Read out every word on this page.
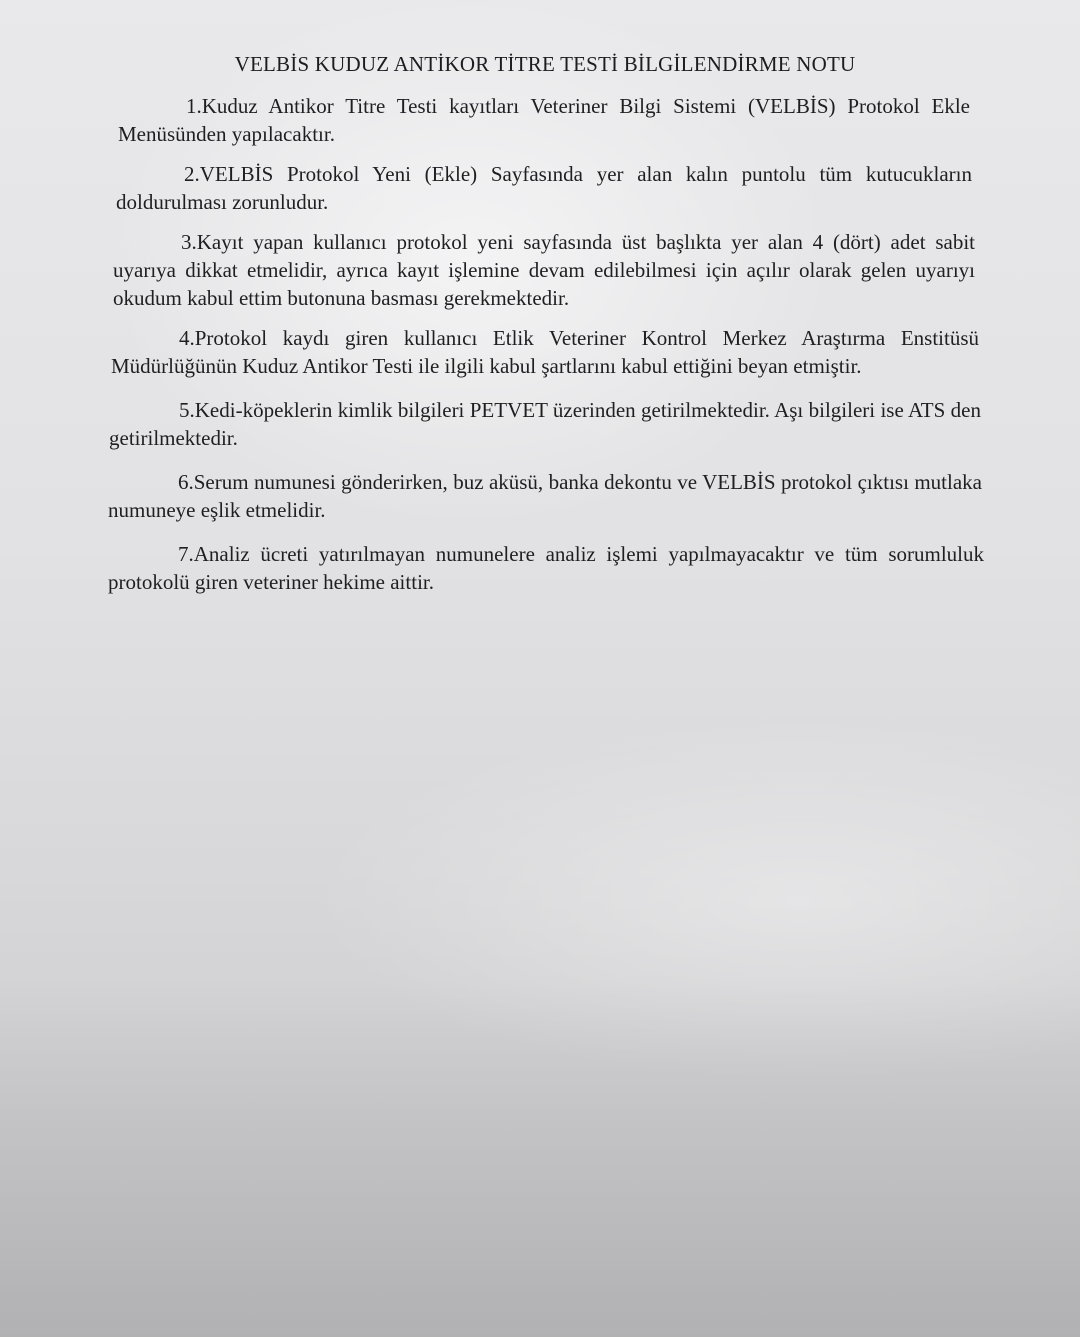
VELBİS KUDUZ ANTİKOR TİTRE TESTİ BİLGİLENDİRME NOTU

1.Kuduz Antikor Titre Testi kayıtları Veteriner Bilgi Sistemi (VELBİS) Protokol Ekle Menüsünden yapılacaktır.

2.VELBİS Protokol Yeni (Ekle) Sayfasında yer alan kalın puntolu tüm kutucukların doldurulması zorunludur.

3.Kayıt yapan kullanıcı protokol yeni sayfasında üst başlıkta yer alan 4 (dört) adet sabit uyarıya dikkat etmelidir, ayrıca kayıt işlemine devam edilebilmesi için açılır olarak gelen uyarıyı okudum kabul ettim butonuna basması gerekmektedir.

4.Protokol kaydı giren kullanıcı Etlik Veteriner Kontrol Merkez Araştırma Enstitüsü Müdürlüğünün Kuduz Antikor Testi ile ilgili kabul şartlarını kabul ettiğini beyan etmiştir.

5.Kedi-köpeklerin kimlik bilgileri PETVET üzerinden getirilmektedir. Aşı bilgileri ise ATS den getirilmektedir.

6.Serum numunesi gönderirken, buz aküsü, banka dekontu ve VELBİS protokol çıktısı mutlaka numuneye eşlik etmelidir.

7.Analiz ücreti yatırılmayan numunelere analiz işlemi yapılmayacaktır ve tüm sorumluluk protokolü giren veteriner hekime aittir.
